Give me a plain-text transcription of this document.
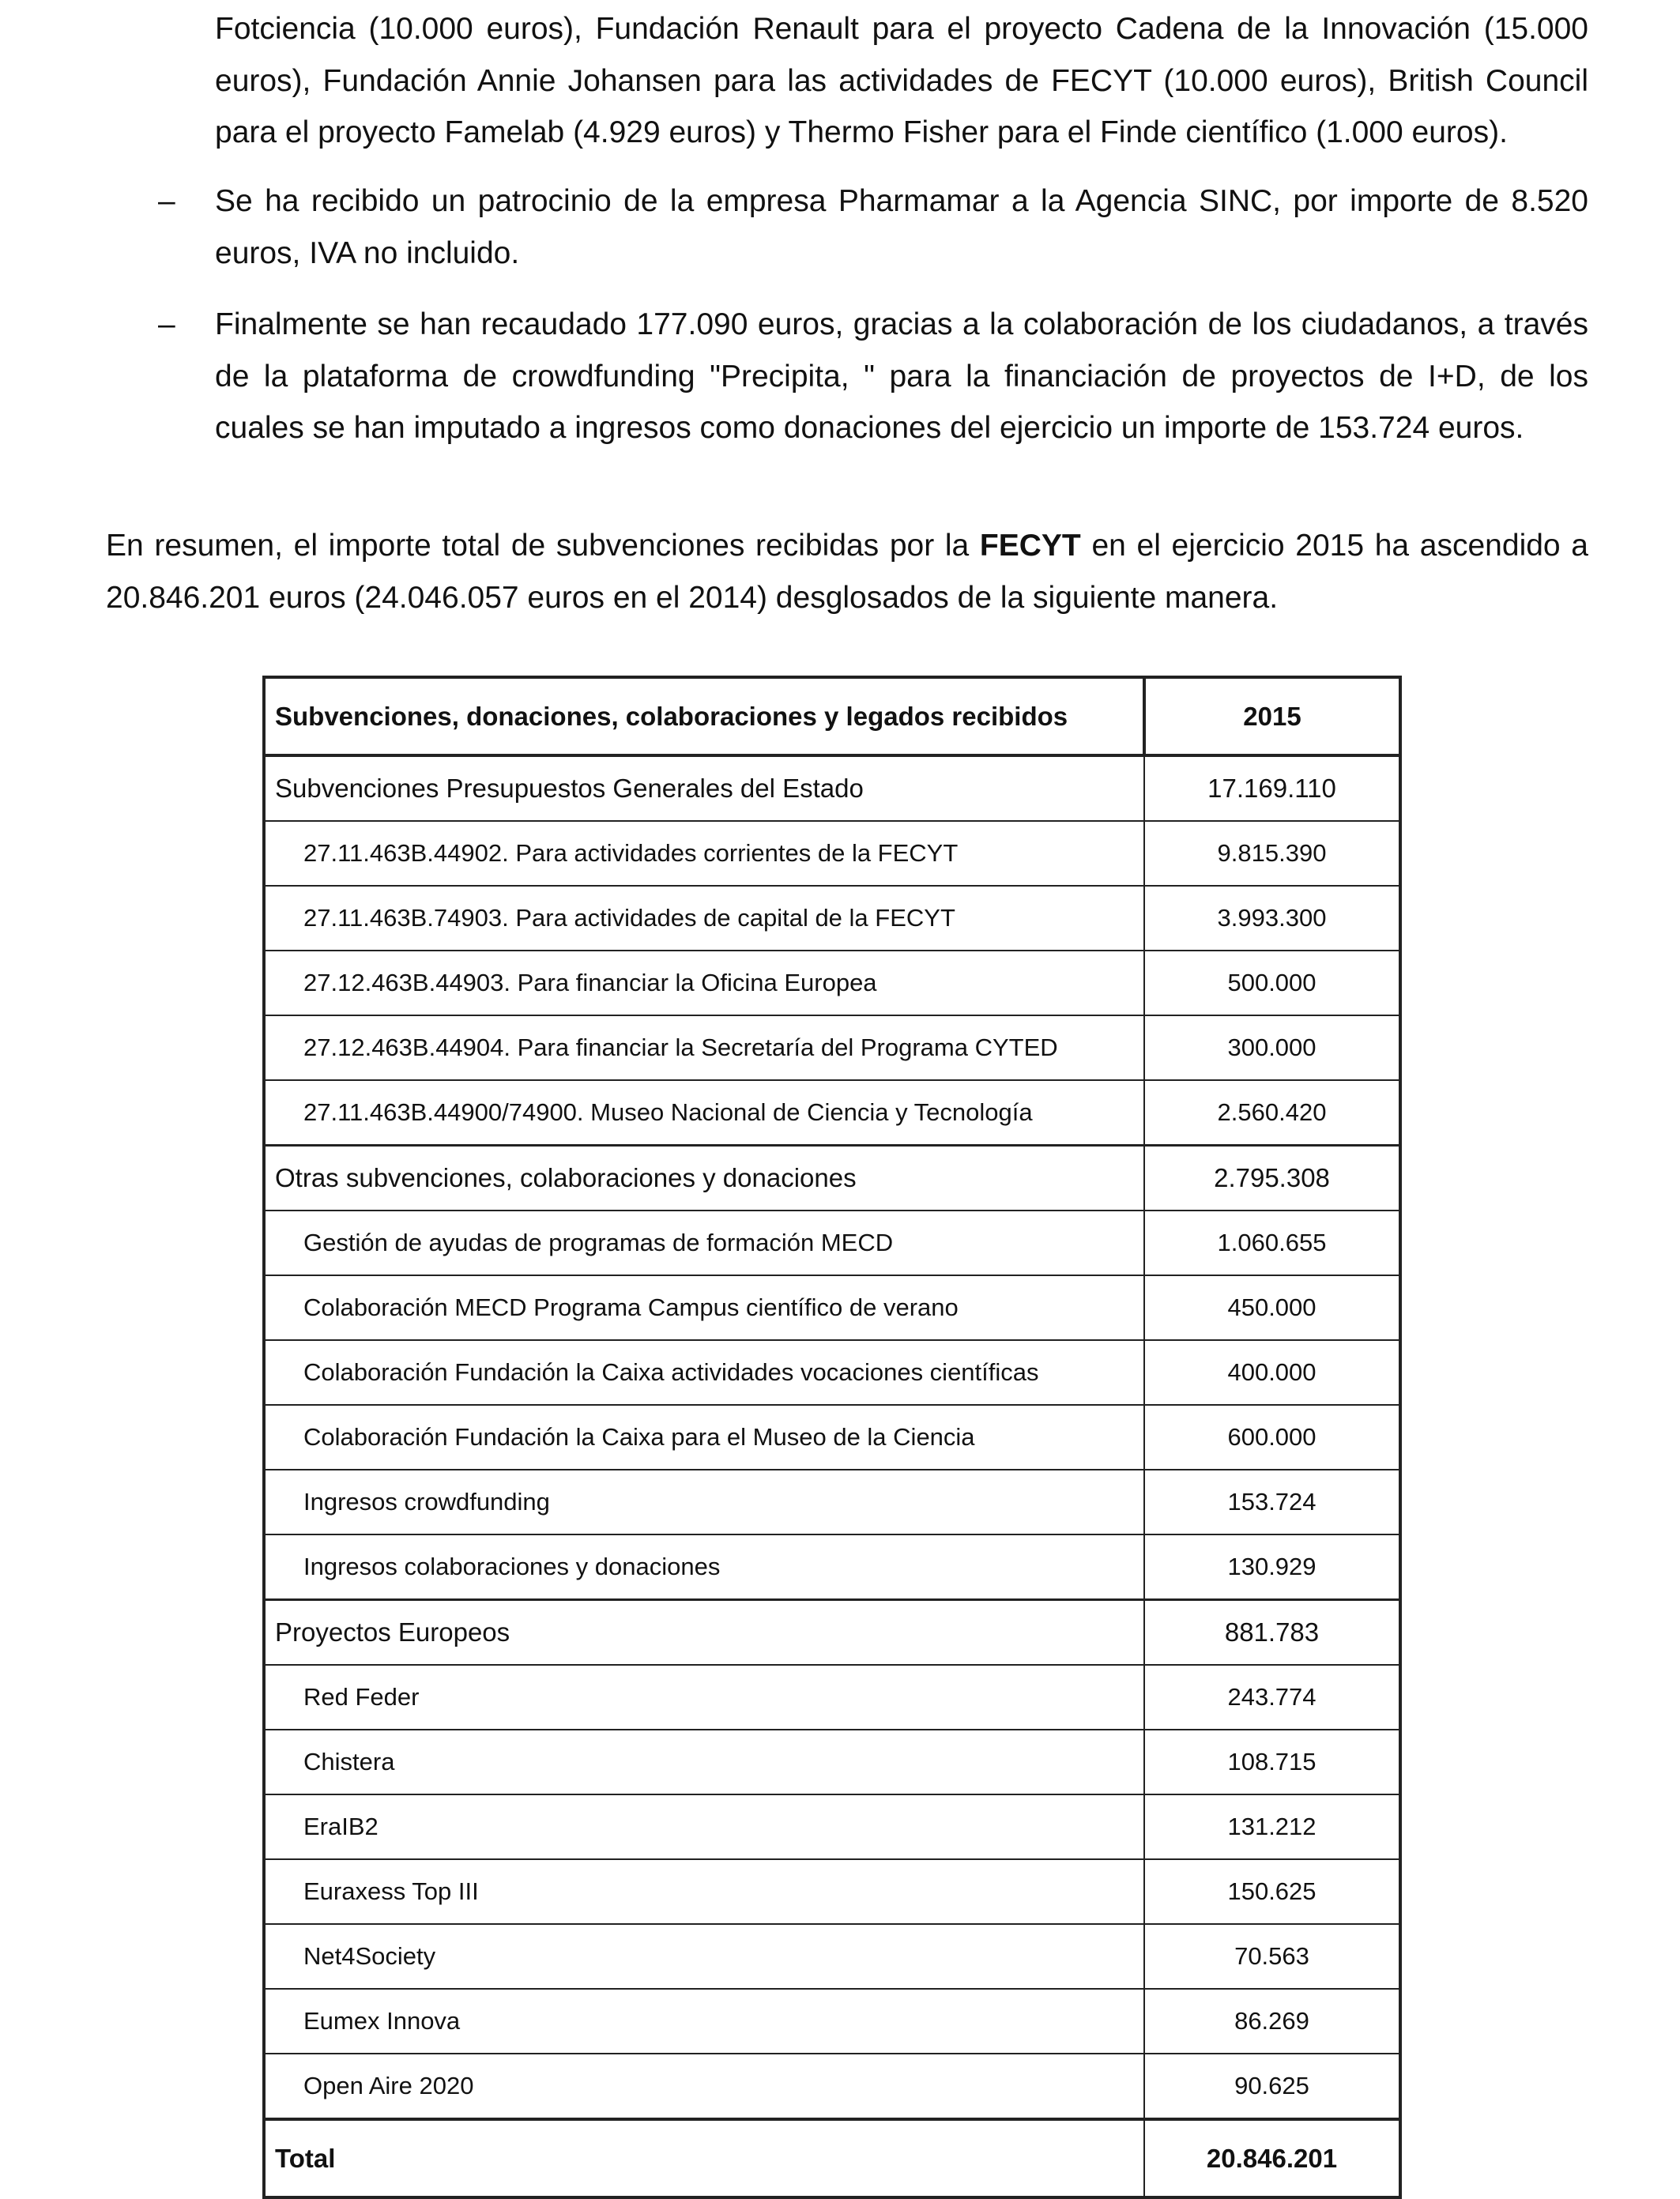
Fotciencia (10.000 euros), Fundación Renault para el proyecto Cadena de la Innovación (15.000 euros), Fundación Annie Johansen para las actividades de FECYT (10.000 euros), British Council para el proyecto Famelab (4.929 euros) y Thermo Fisher para el Finde científico (1.000 euros).
– Se ha recibido un patrocinio de la empresa Pharmamar a la Agencia SINC, por importe de 8.520 euros, IVA no incluido.
– Finalmente se han recaudado 177.090 euros, gracias a la colaboración de los ciudadanos, a través de la plataforma de crowdfunding "Precipita, " para la financiación de proyectos de I+D, de los cuales se han imputado a ingresos como donaciones del ejercicio un importe de 153.724 euros.
En resumen, el importe total de subvenciones recibidas por la FECYT en el ejercicio 2015 ha ascendido a 20.846.201 euros (24.046.057 euros en el 2014) desglosados de la siguiente manera.
Subvenciones, donaciones, colaboraciones y legados recibidos	2015
Subvenciones Presupuestos Generales del Estado	17.169.110
27.11.463B.44902. Para actividades corrientes de la FECYT	9.815.390
27.11.463B.74903. Para actividades de capital de la FECYT	3.993.300
27.12.463B.44903. Para financiar la Oficina Europea	500.000
27.12.463B.44904. Para financiar la Secretaría del Programa CYTED	300.000
27.11.463B.44900/74900. Museo Nacional de Ciencia y Tecnología	2.560.420
Otras subvenciones, colaboraciones y donaciones	2.795.308
Gestión de ayudas de programas de formación MECD	1.060.655
Colaboración MECD Programa Campus científico de verano	450.000
Colaboración Fundación la Caixa actividades vocaciones científicas	400.000
Colaboración Fundación la Caixa para el Museo de la Ciencia	600.000
Ingresos crowdfunding	153.724
Ingresos colaboraciones y donaciones	130.929
Proyectos Europeos	881.783
Red Feder	243.774
Chistera	108.715
EraIB2	131.212
Euraxess Top III	150.625
Net4Society	70.563
Eumex Innova	86.269
Open Aire 2020	90.625
Total	20.846.201
